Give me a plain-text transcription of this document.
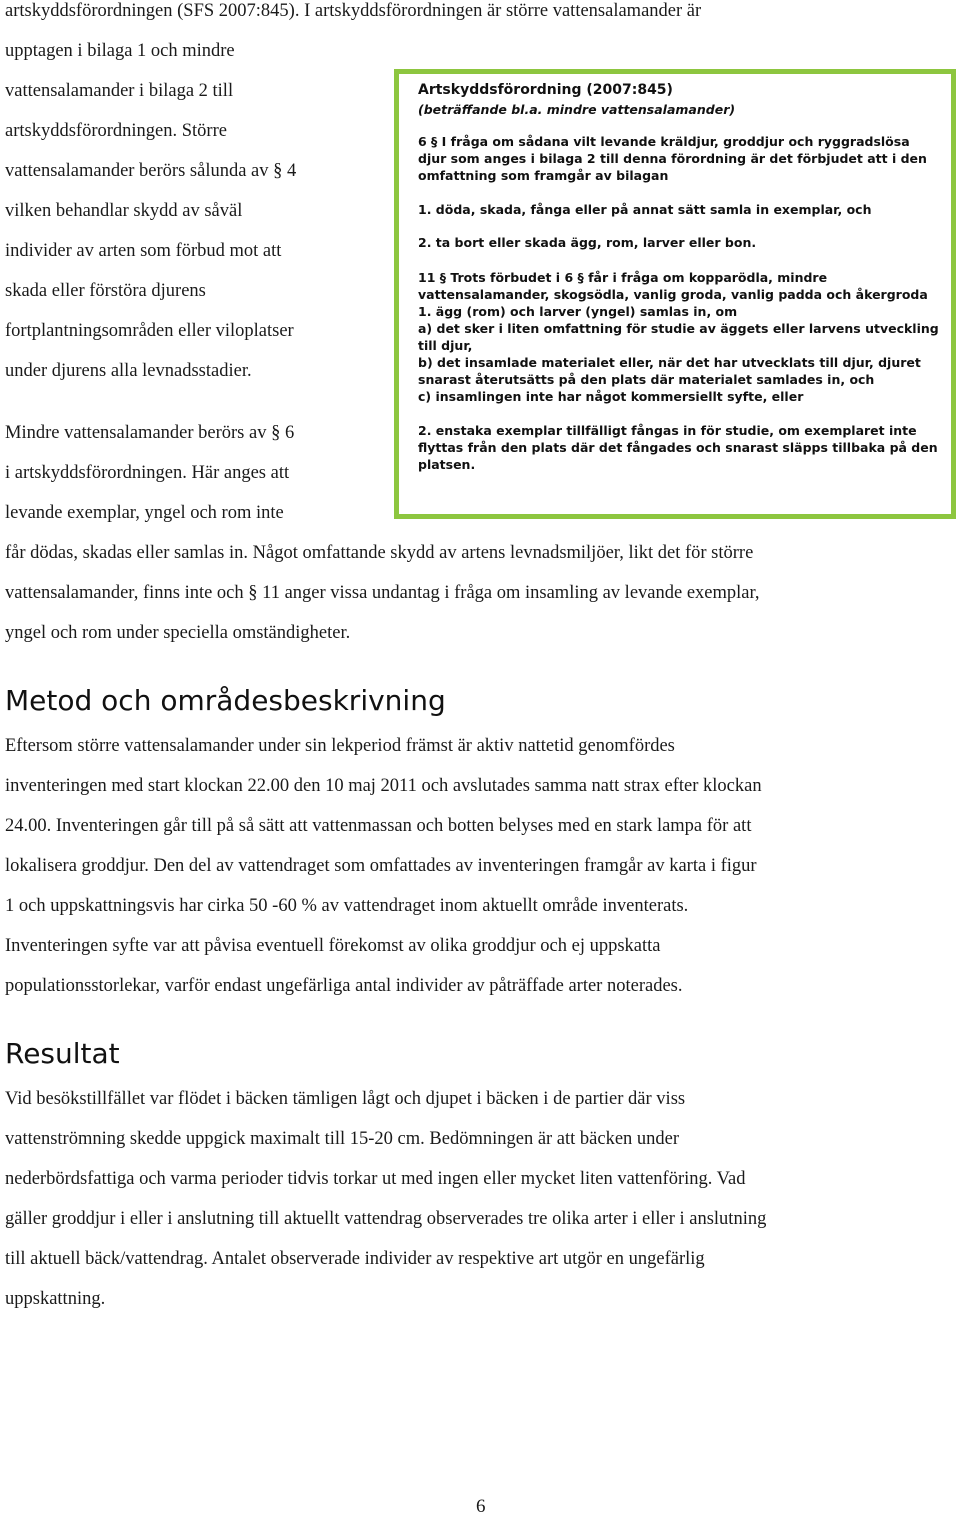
artskyddsförordningen (SFS 2007:845). I artskyddsförordningen är större vattensalamander är
upptagen i bilaga 1 och mindre
vattensalamander i bilaga 2 till
artskyddsförordningen. Större
vattensalamander berörs sålunda av § 4
vilken behandlar skydd av såväl
individer av arten som förbud mot att
skada eller förstöra djurens
fortplantningsområden eller viloplatser
under djurens alla levnadsstadier.
Mindre vattensalamander berörs av § 6
i artskyddsförordningen. Här anges att
levande exemplar, yngel och rom inte
får dödas, skadas eller samlas in. Något omfattande skydd av artens levnadsmiljöer, likt det för större
vattensalamander, finns inte och § 11 anger vissa undantag i fråga om insamling av levande exemplar,
yngel och rom under speciella omständigheter.
Artskyddsförordning (2007:845)
(beträffande bl.a. mindre vattensalamander)
6 § I fråga om sådana vilt levande kräldjur, groddjur och ryggradslösa
djur som anges i bilaga 2 till denna förordning är det förbjudet att i den
omfattning som framgår av bilagan
1. döda, skada, fånga eller på annat sätt samla in exemplar, och
2. ta bort eller skada ägg, rom, larver eller bon.
11 § Trots förbudet i 6 § får i fråga om kopparödla, mindre
vattensalamander, skogsödla, vanlig groda, vanlig padda och åkergroda
1. ägg (rom) och larver (yngel) samlas in, om
a) det sker i liten omfattning för studie av äggets eller larvens utveckling
till djur,
b) det insamlade materialet eller, när det har utvecklats till djur, djuret
snarast återutsätts på den plats där materialet samlades in, och
c) insamlingen inte har något kommersiellt syfte, eller
2. enstaka exemplar tillfälligt fångas in för studie, om exemplaret inte
flyttas från den plats där det fångades och snarast släpps tillbaka på den
platsen.
Metod och områdesbeskrivning
Eftersom större vattensalamander under sin lekperiod främst är aktiv nattetid genomfördes
inventeringen med start klockan 22.00 den 10 maj 2011 och avslutades samma natt strax efter klockan
24.00. Inventeringen går till på så sätt att vattenmassan och botten belyses med en stark lampa för att
lokalisera groddjur. Den del av vattendraget som omfattades av inventeringen framgår av karta i figur
1 och uppskattningsvis har cirka 50 -60 % av vattendraget inom aktuellt område inventerats.
Inventeringen syfte var att påvisa eventuell förekomst av olika groddjur och ej uppskatta
populationsstorlekar, varför endast ungefärliga antal individer av påträffade arter noterades.
Resultat
Vid besökstillfället var flödet i bäcken tämligen lågt och djupet i bäcken i de partier där viss
vattenströmning skedde uppgick maximalt till 15-20 cm. Bedömningen är att bäcken under
nederbördsfattiga och varma perioder tidvis torkar ut med ingen eller mycket liten vattenföring. Vad
gäller groddjur i eller i anslutning till aktuellt vattendrag observerades tre olika arter i eller i anslutning
till aktuell bäck/vattendrag. Antalet observerade individer av respektive art utgör en ungefärlig
uppskattning.
6
